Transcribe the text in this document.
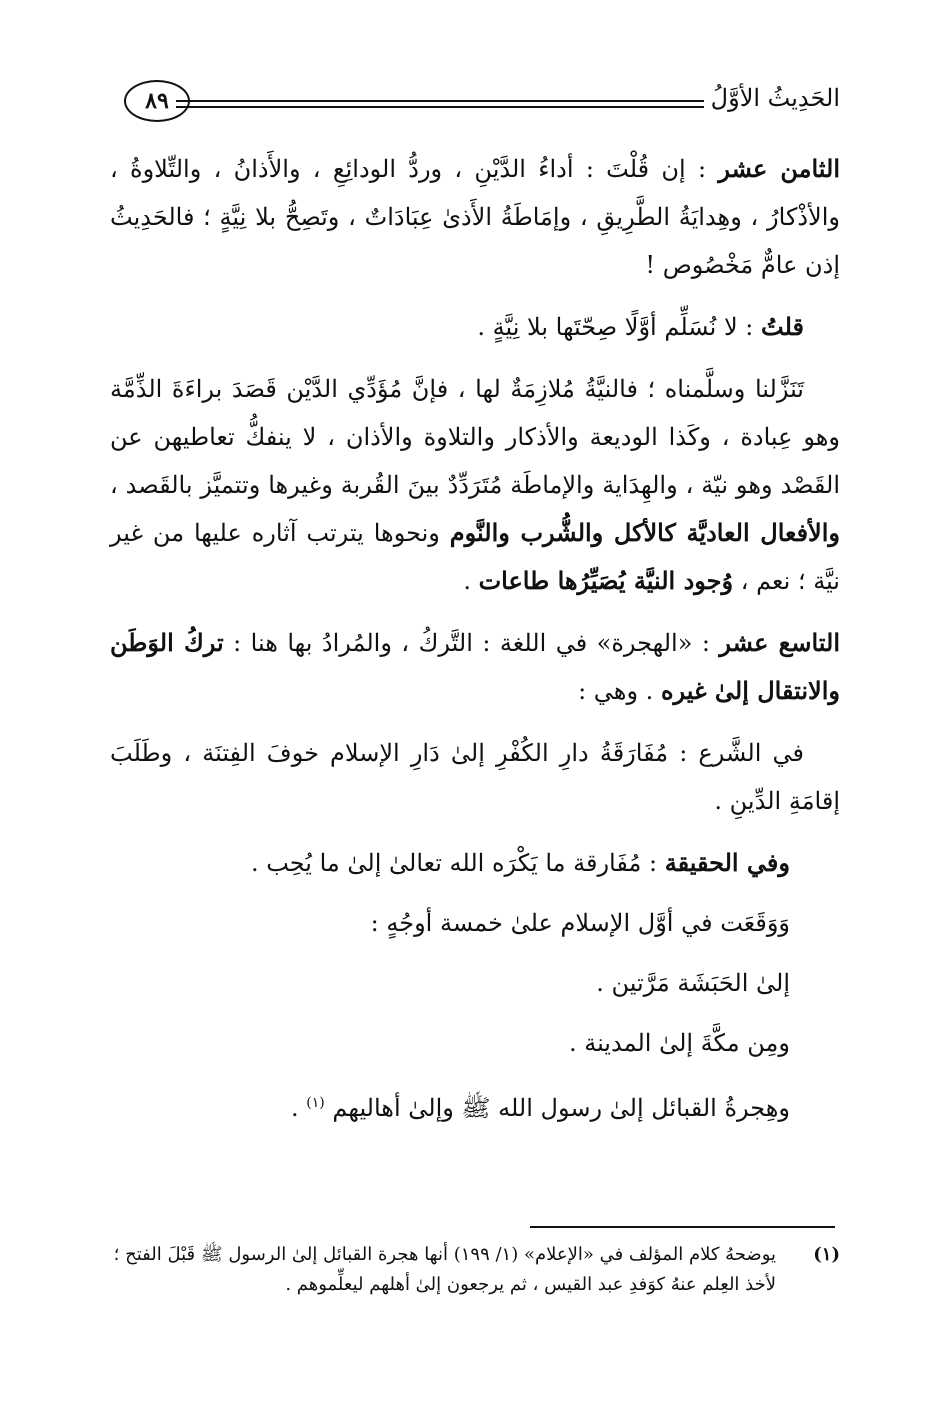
٨٩	الحَدِيثُ الأوَّلُ

الثامن عشر : إن قُلْتَ : أداءُ الدَّيْنِ ، وردُّ الودائِعِ ، والأَذانُ ، والتِّلاوةُ ، والأذْكارُ ، وهِدايَةُ الطَّرِيقِ ، وإمَاطَةُ الأَذىٰ عِبَادَاتٌ ، وتَصِحُّ بلا نِيَّةٍ ؛ فالحَدِيثُ إذن عامٌّ مَخْصُوص !

قلتُ : لا نُسَلِّم أوَّلًا صِحّتَها بلا نِيَّةٍ .

تَنَزَّلنا وسلَّمناه ؛ فالنيَّةُ مُلازِمَةٌ لها ، فإنَّ مُؤَدِّي الدَّيْن قَصَدَ براءَةَ الذِّمَّة وهو عِبادة ، وكَذا الوديعة والأذكار والتلاوة والأذان ، لا ينفكُّ تعاطيهن عن القَصْد وهو نيّة ، والهِدَاية والإماطَة مُتَرَدِّدٌ بينَ القُربة وغيرها وتتميَّز بالقَصد ، والأفعال العاديَّة كالأكل والشُّرب والنَّوم ونحوها يترتب آثاره عليها من غير نيَّة ؛ نعم ، وُجود النيَّة يُصَيِّرُها طاعات .

التاسع عشر : «الهجرة» في اللغة : التَّركُ ، والمُرادُ بها هنا : تركُ الوَطَن والانتقال إلىٰ غيره . وهي :

في الشَّرع : مُفَارَقَةُ دارِ الكُفْرِ إلىٰ دَارِ الإسلام خوفَ الفِتنَة ، وطَلَبَ إقامَةِ الدِّينِ .

وفي الحقيقة : مُفَارقة ما يَكْرَه الله تعالىٰ إلىٰ ما يُحِب .

وَوَقَعَت في أوَّل الإسلام علىٰ خمسة أوجُهٍ :

إلىٰ الحَبَشَة مَرَّتين .

ومِن مكَّةَ إلىٰ المدينة .

وهِجرةُ القبائل إلىٰ رسول الله ﷺ وإلىٰ أهاليهم $^{(١)}$ .

(١)
يوضحهُ كلام المؤلف في «الإعلام» (١/ ١٩٩) أنها هجرة القبائل إلىٰ الرسول ﷺ قَبْلَ الفتح ؛ لأخذ العِلم عنهُ كوَفدِ عبد القيس ، ثم يرجعون إلىٰ أهلهم ليعلِّموهم .
